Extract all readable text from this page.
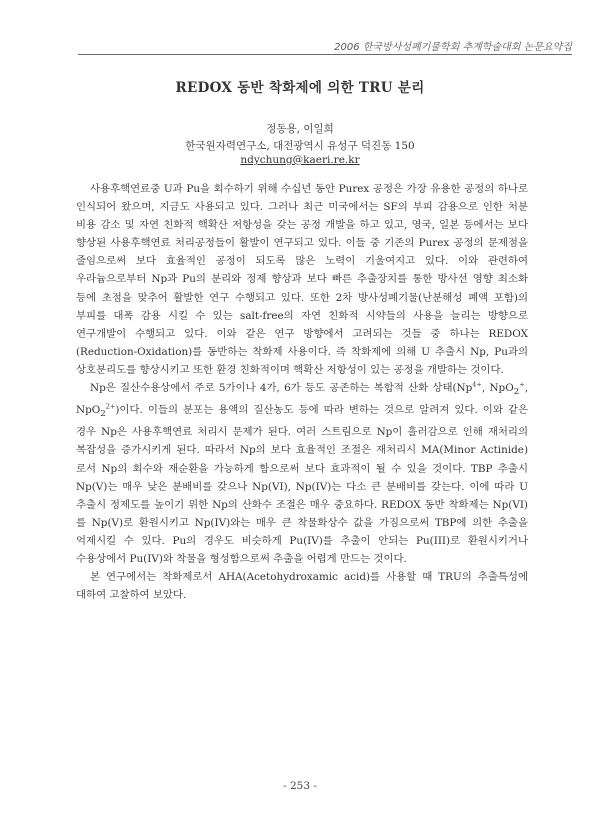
2006 한국방사성폐기물학회 추계학술대회 논문요약집
REDOX 동반 착화제에 의한 TRU 분리
정동용, 이일희
한국원자력연구소, 대전광역시 유성구 덕진동 150
ndychung@kaeri.re.kr

사용후핵연료중 U과 Pu을 회수하기 위해 수십년 동안 Purex 공정은 가장 유용한 공정의 하나로 인식되어 왔으며, 지금도 사용되고 있다. 그러나 최근 미국에서는 SF의 부피 감용으로 인한 처분 비용 감소 및 자연 친화적 핵확산 저항성을 갖는 공정 개발을 하고 있고, 영국, 일본 등에서는 보다 향상된 사용후핵연료 처리공정들이 활발이 연구되고 있다. 이들 중 기존의 Purex 공정의 문제점을 줄임으로써 보다 효율적인 공정이 되도록 많은 노력이 기울여지고 있다. 이와 관련하여 우라늄으로부터 Np과 Pu의 분리와 정제 향상과 보다 빠른 추출장치를 통한 방사선 영향 최소화 등에 초점을 맞추어 활발한 연구 수행되고 있다. 또한 2차 방사성폐기물(난분해성 폐액 포함)의 부피를 대폭 감용 시킬 수 있는 salt-free의 자연 친화적 시약들의 사용을 늘리는 방향으로 연구개발이 수행되고 있다. 이와 같은 연구 방향에서 고려되는 것들 중 하나는 REDOX (Reduction-Oxidation)를 동반하는 착화제 사용이다. 즉 착화제에 의해 U 추출시 Np, Pu과의 상호분리도를 향상시키고 또한 환경 친화적이며 핵확산 저항성이 있는 공정을 개발하는 것이다.

Np은 질산수용상에서 주로 5가이나 4가, 6가 등도 공존하는 복합적 산화 상태($Np^{4+}$, NpO$_2$+, NpO$_2^{2+}$)이다. 이들의 분포는 용액의 질산농도 등에 따라 변하는 것으로 알려져 있다. 이와 같은 경우 Np은 사용후핵연료 처리시 문제가 된다. 여러 스트림으로 Np이 흘러감으로 인해 재처리의 복잡성을 증가시키게 된다. 따라서 Np의 보다 효율적인 조절은 재처리시 MA(Minor Actinide)로서 Np의 회수와 재순환을 가능하게 함으로써 보다 효과적이 될 수 있을 것이다. TBP 추출시 Np(V)는 매우 낮은 분배비를 갖으나 Np(VI), Np(IV)는 다소 큰 분배비를 갖는다. 이에 따라 U 추출시 정제도를 높이기 위한 Np의 산화수 조절은 매우 중요하다. REDOX 동반 착화제는 Np(VI)를 Np(V)로 환원시키고 Np(IV)와는 매우 큰 착물화상수 값을 가짐으로써 TBP에 의한 추출을 억제시킬 수 있다. Pu의 경우도 비슷하게 Pu(IV)를 추출이 안되는 Pu(III)로 환원시키거나 수용상에서 Pu(IV)와 착물을 형성함으로써 추출을 어렵게 만드는 것이다.

본 연구에서는 착화제로서 AHA(Acetohydroxamic acid)를 사용할 때 TRU의 추출특성에 대하여 고찰하여 보았다.

- 253 -
